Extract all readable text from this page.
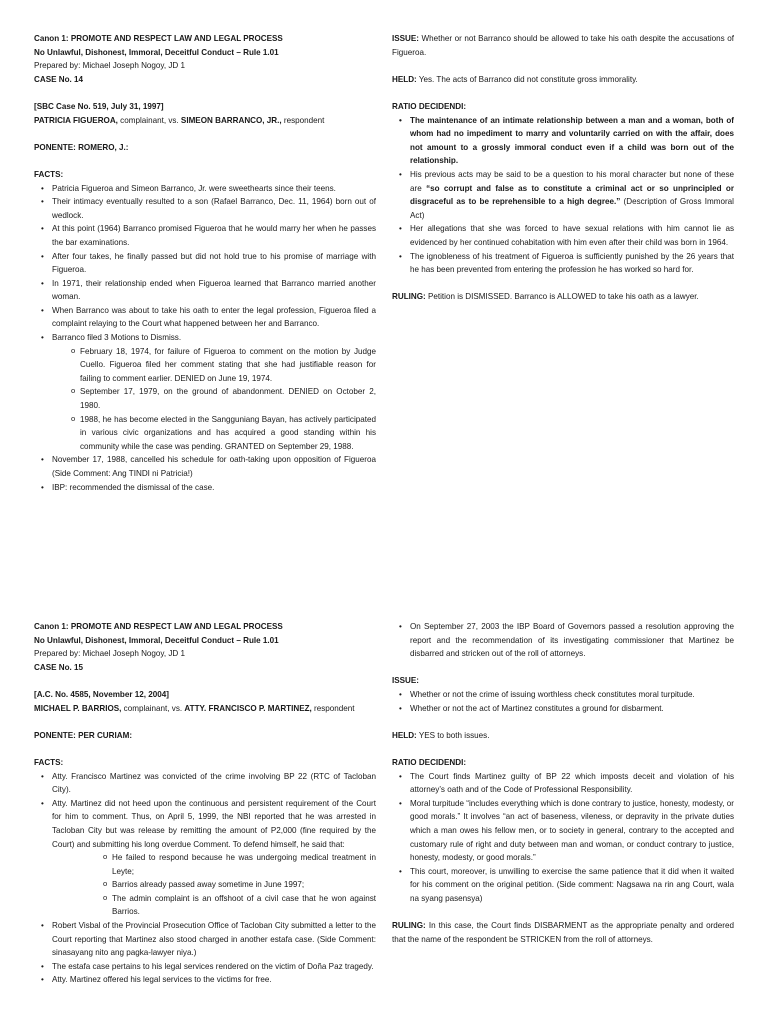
Canon 1: PROMOTE AND RESPECT LAW AND LEGAL PROCESS

No Unlawful, Dishonest, Immoral, Deceitful Conduct – Rule 1.01

Prepared by: Michael Joseph Nogoy, JD 1

CASE No. 14

[SBC Case No. 519, July 31, 1997]

PATRICIA FIGUEROA, complainant, vs. SIMEON BARRANCO, JR., respondent

PONENTE: ROMERO, J.:

FACTS:

• Patricia Figueroa and Simeon Barranco, Jr. were sweethearts since their teens.
• Their intimacy eventually resulted to a son (Rafael Barranco, Dec. 11, 1964) born out of wedlock.
• At this point (1964) Barranco promised Figueroa that he would marry her when he passes the bar examinations.
• After four takes, he finally passed but did not hold true to his promise of marriage with Figueroa.
• In 1971, their relationship ended when Figueroa learned that Barranco married another woman.
• When Barranco was about to take his oath to enter the legal profession, Figueroa filed a complaint relaying to the Court what happened between her and Barranco.
• Barranco filed 3 Motions to Dismiss.
o February 18, 1974, for failure of Figueroa to comment on the motion by Judge Cuello. Figueroa filed her comment stating that she had justifiable reason for failing to comment earlier. DENIED on June 19, 1974.
o September 17, 1979, on the ground of abandonment. DENIED on October 2, 1980.
o 1988, he has become elected in the Sangguniang Bayan, has actively participated in various civic organizations and has acquired a good standing within his community while the case was pending. GRANTED on September 29, 1988.
• November 17, 1988, cancelled his schedule for oath-taking upon opposition of Figueroa (Side Comment: Ang TINDI ni Patricia!)
• IBP: recommended the dismissal of the case.

ISSUE: Whether or not Barranco should be allowed to take his oath despite the accusations of Figueroa.

HELD: Yes. The acts of Barranco did not constitute gross immorality.

RATIO DECIDENDI:

• The maintenance of an intimate relationship between a man and a woman, both of whom had no impediment to marry and voluntarily carried on with the affair, does not amount to a grossly immoral conduct even if a child was born out of the relationship.
• His previous acts may be said to be a question to his moral character but none of these are “so corrupt and false as to constitute a criminal act or so unprincipled or disgraceful as to be reprehensible to a high degree.” (Description of Gross Immoral Act)
• Her allegations that she was forced to have sexual relations with him cannot lie as evidenced by her continued cohabitation with him even after their child was born in 1964.
• The ignobleness of his treatment of Figueroa is sufficiently punished by the 26 years that he has been prevented from entering the profession he has worked so hard for.

RULING: Petition is DISMISSED. Barranco is ALLOWED to take his oath as a lawyer.

Canon 1: PROMOTE AND RESPECT LAW AND LEGAL PROCESS

No Unlawful, Dishonest, Immoral, Deceitful Conduct – Rule 1.01

Prepared by: Michael Joseph Nogoy, JD 1

CASE No. 15

[A.C. No. 4585, November 12, 2004]

MICHAEL P. BARRIOS, complainant, vs. ATTY. FRANCISCO P. MARTINEZ, respondent

PONENTE: PER CURIAM:

FACTS:

• Atty. Francisco Martinez was convicted of the crime involving BP 22 (RTC of Tacloban City).
• Atty. Martinez did not heed upon the continuous and persistent requirement of the Court for him to comment. Thus, on April 5, 1999, the NBI reported that he was arrested in Tacloban City but was release by remitting the amount of P2,000 (fine required by the Court) and submitting his long overdue Comment. To defend himself, he said that:
o He failed to respond because he was undergoing medical treatment in Leyte;
o Barrios already passed away sometime in June 1997;
o The admin complaint is an offshoot of a civil case that he won against Barrios.
• Robert Visbal of the Provincial Prosecution Office of Tacloban City submitted a letter to the Court reporting that Martinez also stood charged in another estafa case. (Side Comment: sinasayang nito ang pagka-lawyer niya.)
• The estafa case pertains to his legal services rendered on the victim of Doña Paz tragedy.
• Atty. Martinez offered his legal services to the victims for free.
• On September 27, 2003 the IBP Board of Governors passed a resolution approving the report and the recommendation of its investigating commissioner that Martinez be disbarred and stricken out of the roll of attorneys.

ISSUE:

• Whether or not the crime of issuing worthless check constitutes moral turpitude.
• Whether or not the act of Martinez constitutes a ground for disbarment.

HELD: YES to both issues.

RATIO DECIDENDI:

• The Court finds Martinez guilty of BP 22 which imposts deceit and violation of his attorney’s oath and of the Code of Professional Responsibility.
• Moral turpitude “includes everything which is done contrary to justice, honesty, modesty, or good morals.” It involves “an act of baseness, vileness, or depravity in the private duties which a man owes his fellow men, or to society in general, contrary to the accepted and customary rule of right and duty between man and woman, or conduct contrary to justice, honesty, modesty, or good morals.”
• This court, moreover, is unwilling to exercise the same patience that it did when it waited for his comment on the original petition. (Side comment: Nagsawa na rin ang Court, wala na syang pasensya)

RULING: In this case, the Court finds DISBARMENT as the appropriate penalty and ordered that the name of the respondent be STRICKEN from the roll of attorneys.
